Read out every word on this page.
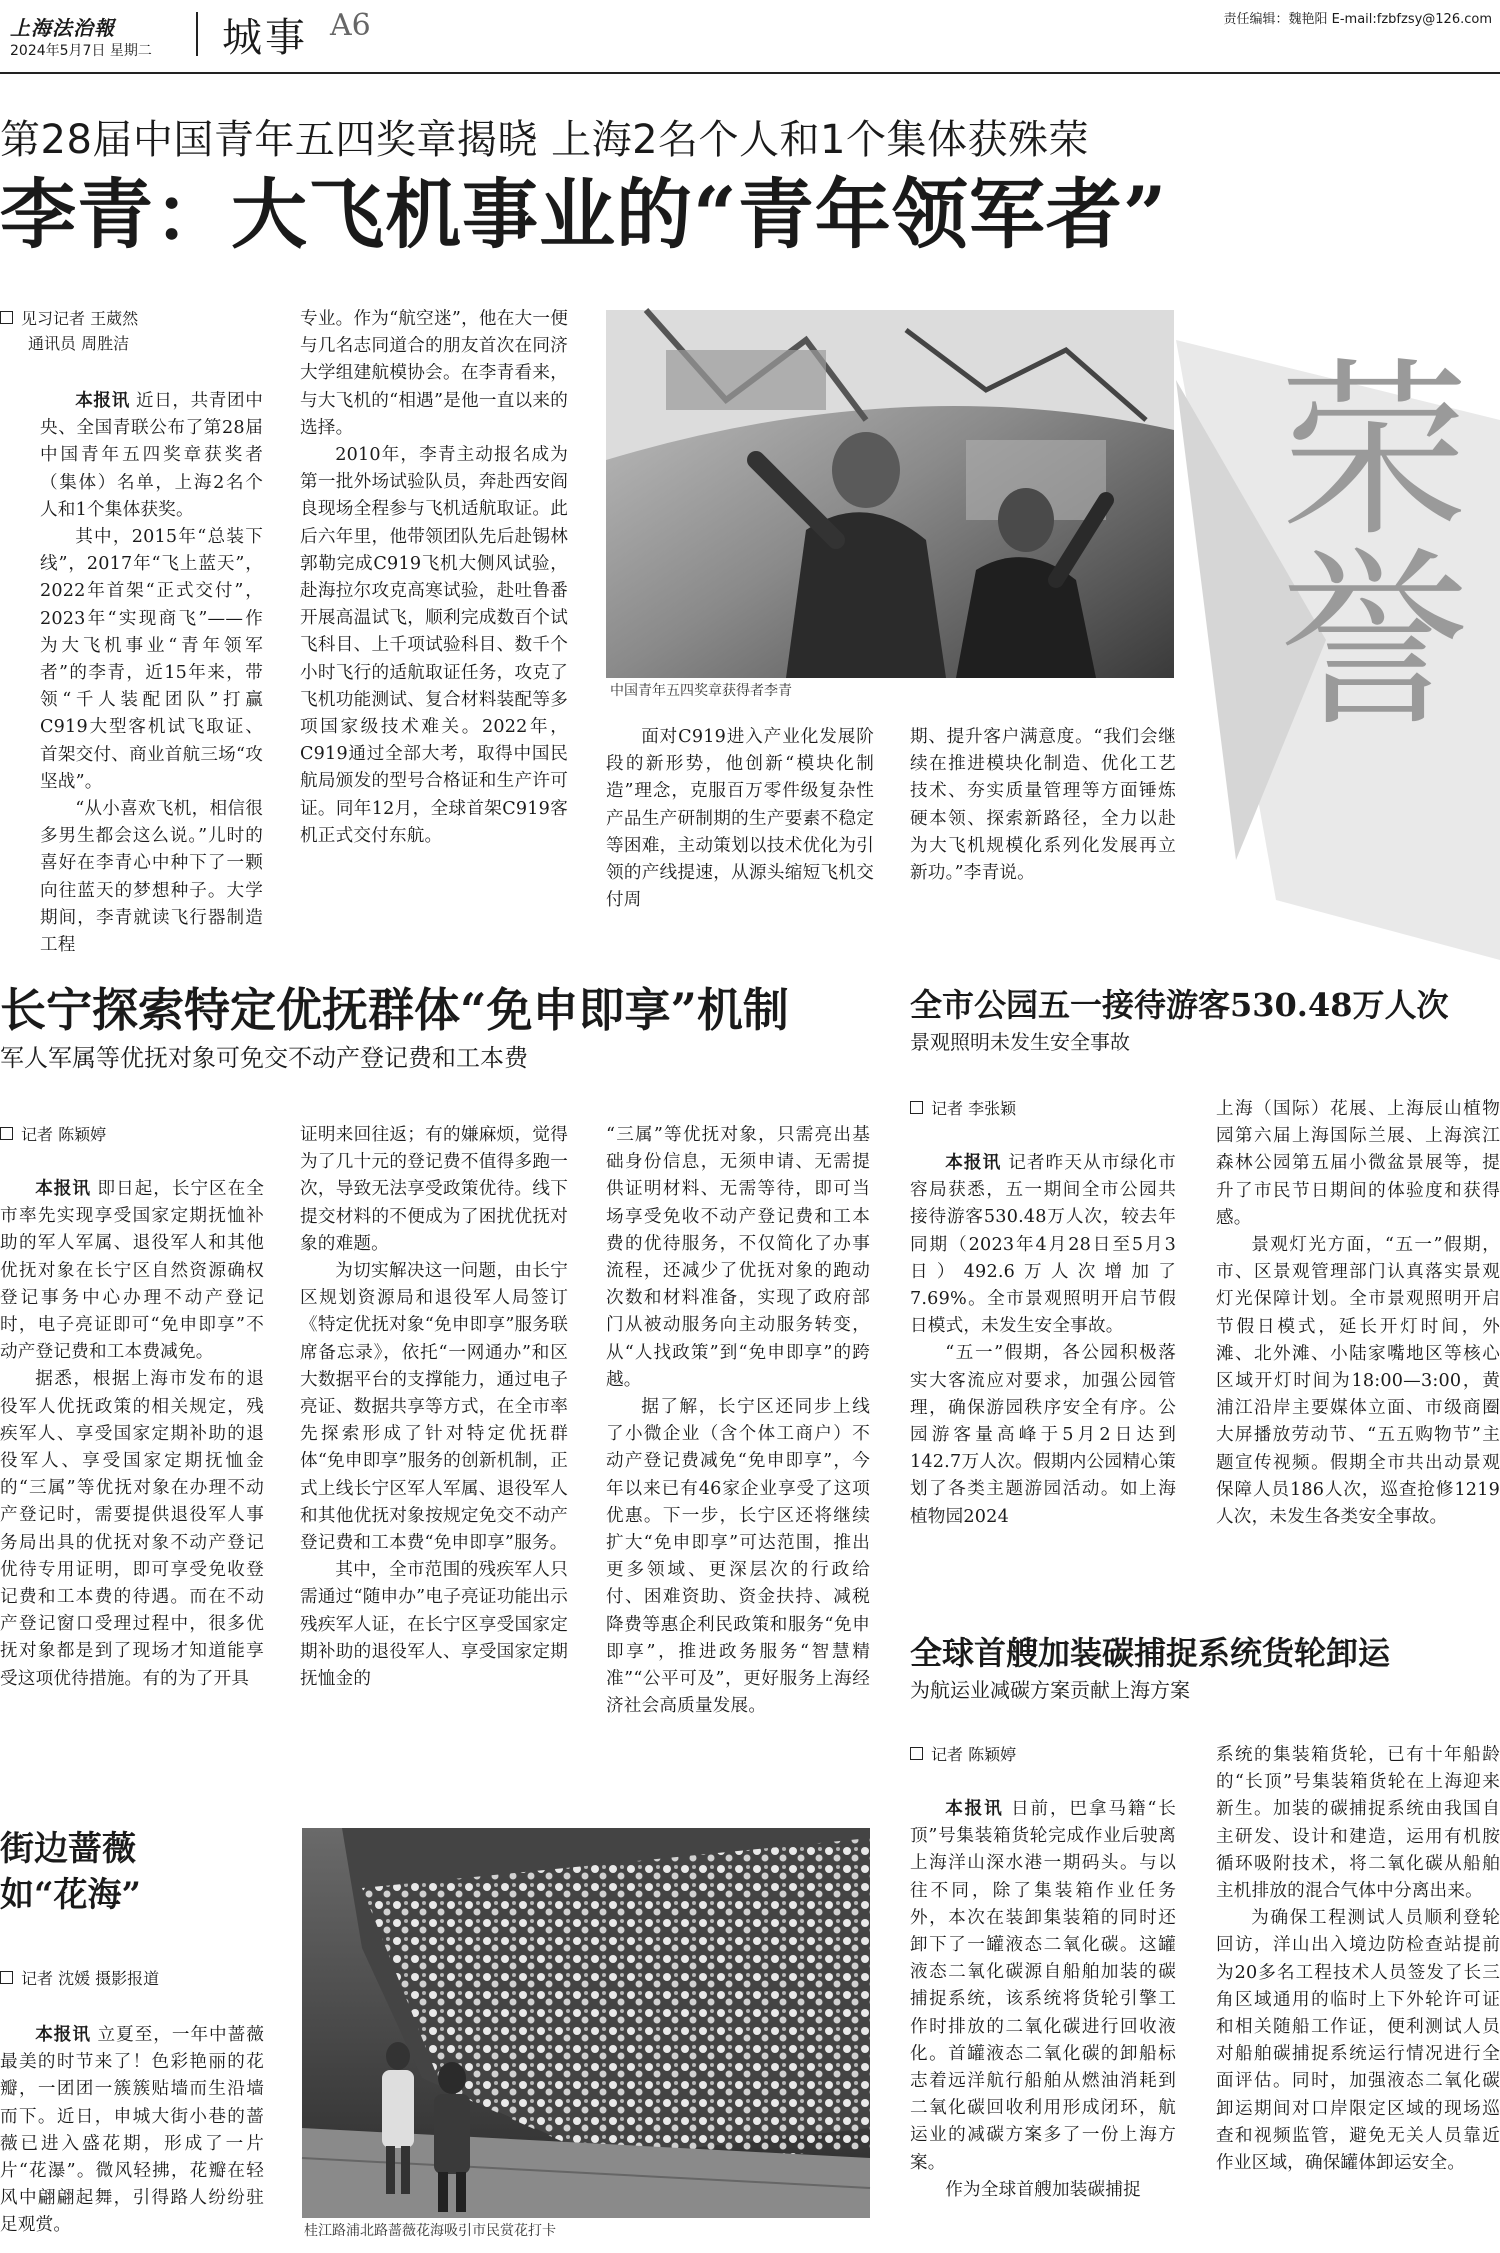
上海法治報
2024年5月7日 星期二 城事 A6	责任编辑：魏艳阳 E-mail:fzbfzsy@126.com
第28届中国青年五四奖章揭晓 上海2名个人和1个集体获殊荣
李青：大飞机事业的“青年领军者”
见习记者 王葳然
通讯员 周胜洁

本报讯 近日，共青团中央、全国青联公布了第28届中国青年五四奖章获奖者（集体）名单，上海2名个人和1个集体获奖。

其中，2015年“总装下线”，2017年“飞上蓝天”，2022年首架“正式交付”，2023年“实现商飞”——作为大飞机事业“青年领军者”的李青，近15年来，带领“千人装配团队”打赢C919大型客机试飞取证、首架交付、商业首航三场“攻坚战”。

“从小喜欢飞机，相信很多男生都会这么说。”儿时的喜好在李青心中种下了一颗向往蓝天的梦想种子。大学期间，李青就读飞行器制造工程

专业。作为“航空迷”，他在大一便与几名志同道合的朋友首次在同济大学组建航模协会。在李青看来，与大飞机的“相遇”是他一直以来的选择。

2010年，李青主动报名成为第一批外场试验队员，奔赴西安阎良现场全程参与飞机适航取证。此后六年里，他带领团队先后赴锡林郭勒完成C919飞机大侧风试验，赴海拉尔攻克高寒试验，赴吐鲁番开展高温试飞，顺利完成数百个试飞科目、上千项试验科目、数千个小时飞行的适航取证任务，攻克了飞机功能测试、复合材料装配等多项国家级技术难关。2022年，C919通过全部大考，取得中国民航局颁发的型号合格证和生产许可证。同年12月，全球首架C919客机正式交付东航。

中国青年五四奖章获得者李青 荣誉

面对C919进入产业化发展阶段的新形势，他创新“模块化制造”理念，克服百万零件级复杂性产品生产研制期的生产要素不稳定等困难，主动策划以技术优化为引领的产线提速，从源头缩短飞机交付周

期、提升客户满意度。“我们会继续在推进模块化制造、优化工艺技术、夯实质量管理等方面锤炼硬本领、探索新路径，全力以赴为大飞机规模化系列化发展再立新功。”李青说。

长宁探索特定优抚群体“免申即享”机制
军人军属等优抚对象可免交不动产登记费和工本费
记者 陈颖婷

本报讯 即日起，长宁区在全市率先实现享受国家定期抚恤补助的军人军属、退役军人和其他优抚对象在长宁区自然资源确权登记事务中心办理不动产登记时，电子亮证即可“免申即享”不动产登记费和工本费减免。

据悉，根据上海市发布的退役军人优抚政策的相关规定，残疾军人、享受国家定期补助的退役军人、享受国家定期抚恤金的“三属”等优抚对象在办理不动产登记时，需要提供退役军人事务局出具的优抚对象不动产登记优待专用证明，即可享受免收登记费和工本费的待遇。而在不动产登记窗口受理过程中，很多优抚对象都是到了现场才知道能享受这项优待措施。有的为了开具

证明来回往返；有的嫌麻烦，觉得为了几十元的登记费不值得多跑一次，导致无法享受政策优待。线下提交材料的不便成为了困扰优抚对象的难题。

为切实解决这一问题，由长宁区规划资源局和退役军人局签订《特定优抚对象“免申即享”服务联席备忘录》，依托“一网通办”和区大数据平台的支撑能力，通过电子亮证、数据共享等方式，在全市率先探索形成了针对特定优抚群体“免申即享”服务的创新机制，正式上线长宁区军人军属、退役军人和其他优抚对象按规定免交不动产登记费和工本费“免申即享”服务。

其中，全市范围的残疾军人只需通过“随申办”电子亮证功能出示残疾军人证，在长宁区享受国家定期补助的退役军人、享受国家定期抚恤金的

“三属”等优抚对象，只需亮出基础身份信息，无须申请、无需提供证明材料、无需等待，即可当场享受免收不动产登记费和工本费的优待服务，不仅简化了办事流程，还减少了优抚对象的跑动次数和材料准备，实现了政府部门从被动服务向主动服务转变，从“人找政策”到“免申即享”的跨越。

据了解，长宁区还同步上线了小微企业（含个体工商户）不动产登记费减免“免申即享”，今年以来已有46家企业享受了这项优惠。下一步，长宁区还将继续扩大“免申即享”可达范围，推出更多领域、更深层次的行政给付、困难资助、资金扶持、减税降费等惠企利民政策和服务“免申即享”，推进政务服务“智慧精准”“公平可及”，更好服务上海经济社会高质量发展。

全市公园五一接待游客530.48万人次
景观照明未发生安全事故
记者 李张颖

本报讯 记者昨天从市绿化市容局获悉，五一期间全市公园共接待游客530.48万人次，较去年同期（2023年4月28日至5月3日）492.6万人次增加了7.69%。全市景观照明开启节假日模式，未发生安全事故。

“五一”假期，各公园积极落实大客流应对要求，加强公园管理，确保游园秩序安全有序。公园游客量高峰于5月2日达到142.7万人次。假期内公园精心策划了各类主题游园活动。如上海植物园2024

上海（国际）花展、上海辰山植物园第六届上海国际兰展、上海滨江森林公园第五届小微盆景展等，提升了市民节日期间的体验度和获得感。

景观灯光方面，“五一”假期，市、区景观管理部门认真落实景观灯光保障计划。全市景观照明开启节假日模式，延长开灯时间，外滩、北外滩、小陆家嘴地区等核心区域开灯时间为18:00—3:00，黄浦江沿岸主要媒体立面、市级商圈大屏播放劳动节、“五五购物节”主题宣传视频。假期全市共出动景观保障人员186人次，巡查抢修1219人次，未发生各类安全事故。

全球首艘加装碳捕捉系统货轮卸运
为航运业减碳方案贡献上海方案
记者 陈颖婷

本报讯 日前，巴拿马籍“长顶”号集装箱货轮完成作业后驶离上海洋山深水港一期码头。与以往不同，除了集装箱作业任务外，本次在装卸集装箱的同时还卸下了一罐液态二氧化碳。这罐液态二氧化碳源自船舶加装的碳捕捉系统，该系统将货轮引擎工作时排放的二氧化碳进行回收液化。首罐液态二氧化碳的卸船标志着远洋航行船舶从燃油消耗到二氧化碳回收利用形成闭环，航运业的减碳方案多了一份上海方案。

作为全球首艘加装碳捕捉

系统的集装箱货轮，已有十年船龄的“长顶”号集装箱货轮在上海迎来新生。加装的碳捕捉系统由我国自主研发、设计和建造，运用有机胺循环吸附技术，将二氧化碳从船舶主机排放的混合气体中分离出来。

为确保工程测试人员顺利登轮回访，洋山出入境边防检查站提前为20多名工程技术人员签发了长三角区域通用的临时上下外轮许可证和相关随船工作证，便利测试人员对船舶碳捕捉系统运行情况进行全面评估。同时，加强液态二氧化碳卸运期间对口岸限定区域的现场巡查和视频监管，避免无关人员靠近作业区域，确保罐体卸运安全。

街边蔷薇
如“花海”
记者 沈媛 摄影报道

本报讯 立夏至，一年中蔷薇最美的时节来了！色彩艳丽的花瓣，一团团一簇簇贴墙而生沿墙而下。近日，申城大街小巷的蔷薇已进入盛花期，形成了一片片“花瀑”。微风轻拂，花瓣在轻风中翩翩起舞，引得路人纷纷驻足观赏。	桂江路浦北路蔷薇花海吸引市民赏花打卡
